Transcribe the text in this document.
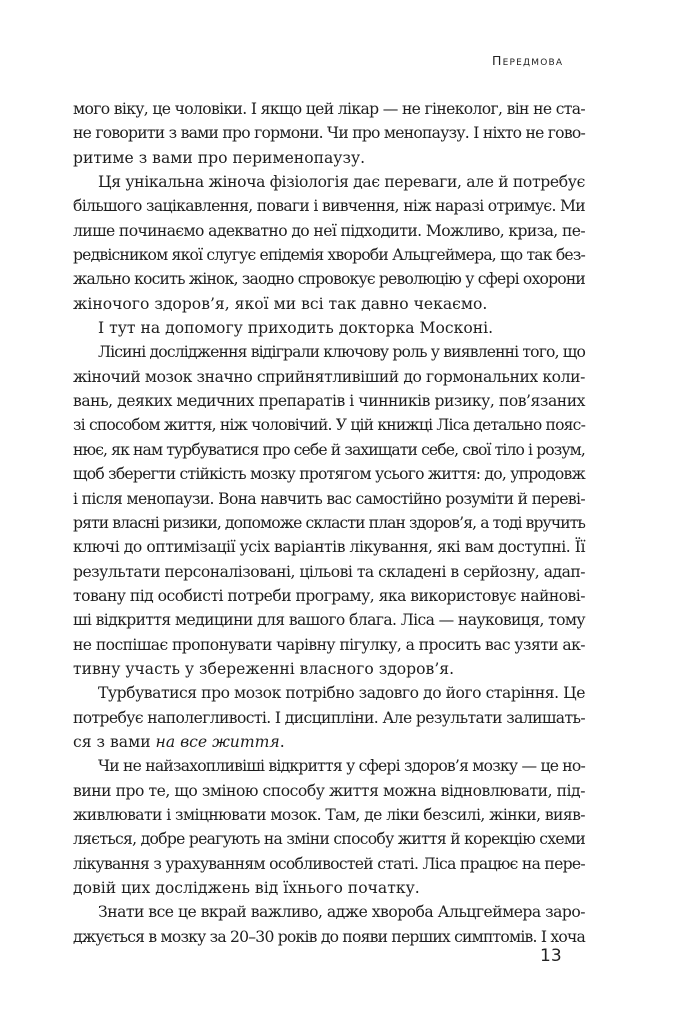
Передмова
мого віку, це чоловіки. І якщо цей лікар — не гінеколог, він не ста-
не говорити з вами про гормони. Чи про менопаузу. І ніхто не гово-
ритиме з вами про перименопаузу.
Ця унікальна жіноча фізіологія дає переваги, але й потребує
більшого зацікавлення, поваги і вивчення, ніж наразі отримує. Ми
лише починаємо адекватно до неї підходити. Можливо, криза, пе-
редвісником якої слугує епідемія хвороби Альцгеймера, що так без-
жально косить жінок, заодно спровокує революцію у сфері охорони
жіночого здоров’я, якої ми всі так давно чекаємо.
І тут на допомогу приходить докторка Москоні.
Лісині дослідження відіграли ключову роль у виявленні того, що
жіночий мозок значно сприйнятливіший до гормональних коли-
вань, деяких медичних препаратів і чинників ризику, пов’язаних
зі способом життя, ніж чоловічий. У цій книжці Ліса детально пояс-
нює, як нам турбуватися про себе й захищати себе, свої тіло і розум,
щоб зберегти стійкість мозку протягом усього життя: до, упродовж
і після менопаузи. Вона навчить вас самостійно розуміти й переві-
ряти власні ризики, допоможе скласти план здоров’я, а тоді вручить
ключі до оптимізації усіх варіантів лікування, які вам доступні. Її
результати персоналізовані, цільові та складені в серйозну, адап-
товану під особисті потреби програму, яка використовує найнові-
ші відкриття медицини для вашого блага. Ліса — науковиця, тому
не поспішає пропонувати чарівну пігулку, а просить вас узяти ак-
тивну участь у збереженні власного здоров’я.
Турбуватися про мозок потрібно задовго до його старіння. Це
потребує наполегливості. І дисципліни. Але результати залишать-
ся з вами на все життя.
Чи не найзахопливіші відкриття у сфері здоров’я мозку — це но-
вини про те, що зміною способу життя можна відновлювати, під-
живлювати і зміцнювати мозок. Там, де ліки безсилі, жінки, вияв-
ляється, добре реагують на зміни способу життя й корекцію схеми
лікування з урахуванням особливостей статі. Ліса працює на пере-
довій цих досліджень від їхнього початку.
Знати все це вкрай важливо, адже хвороба Альцгеймера заро-
джується в мозку за 20–30 років до появи перших симптомів. І хоча
13
